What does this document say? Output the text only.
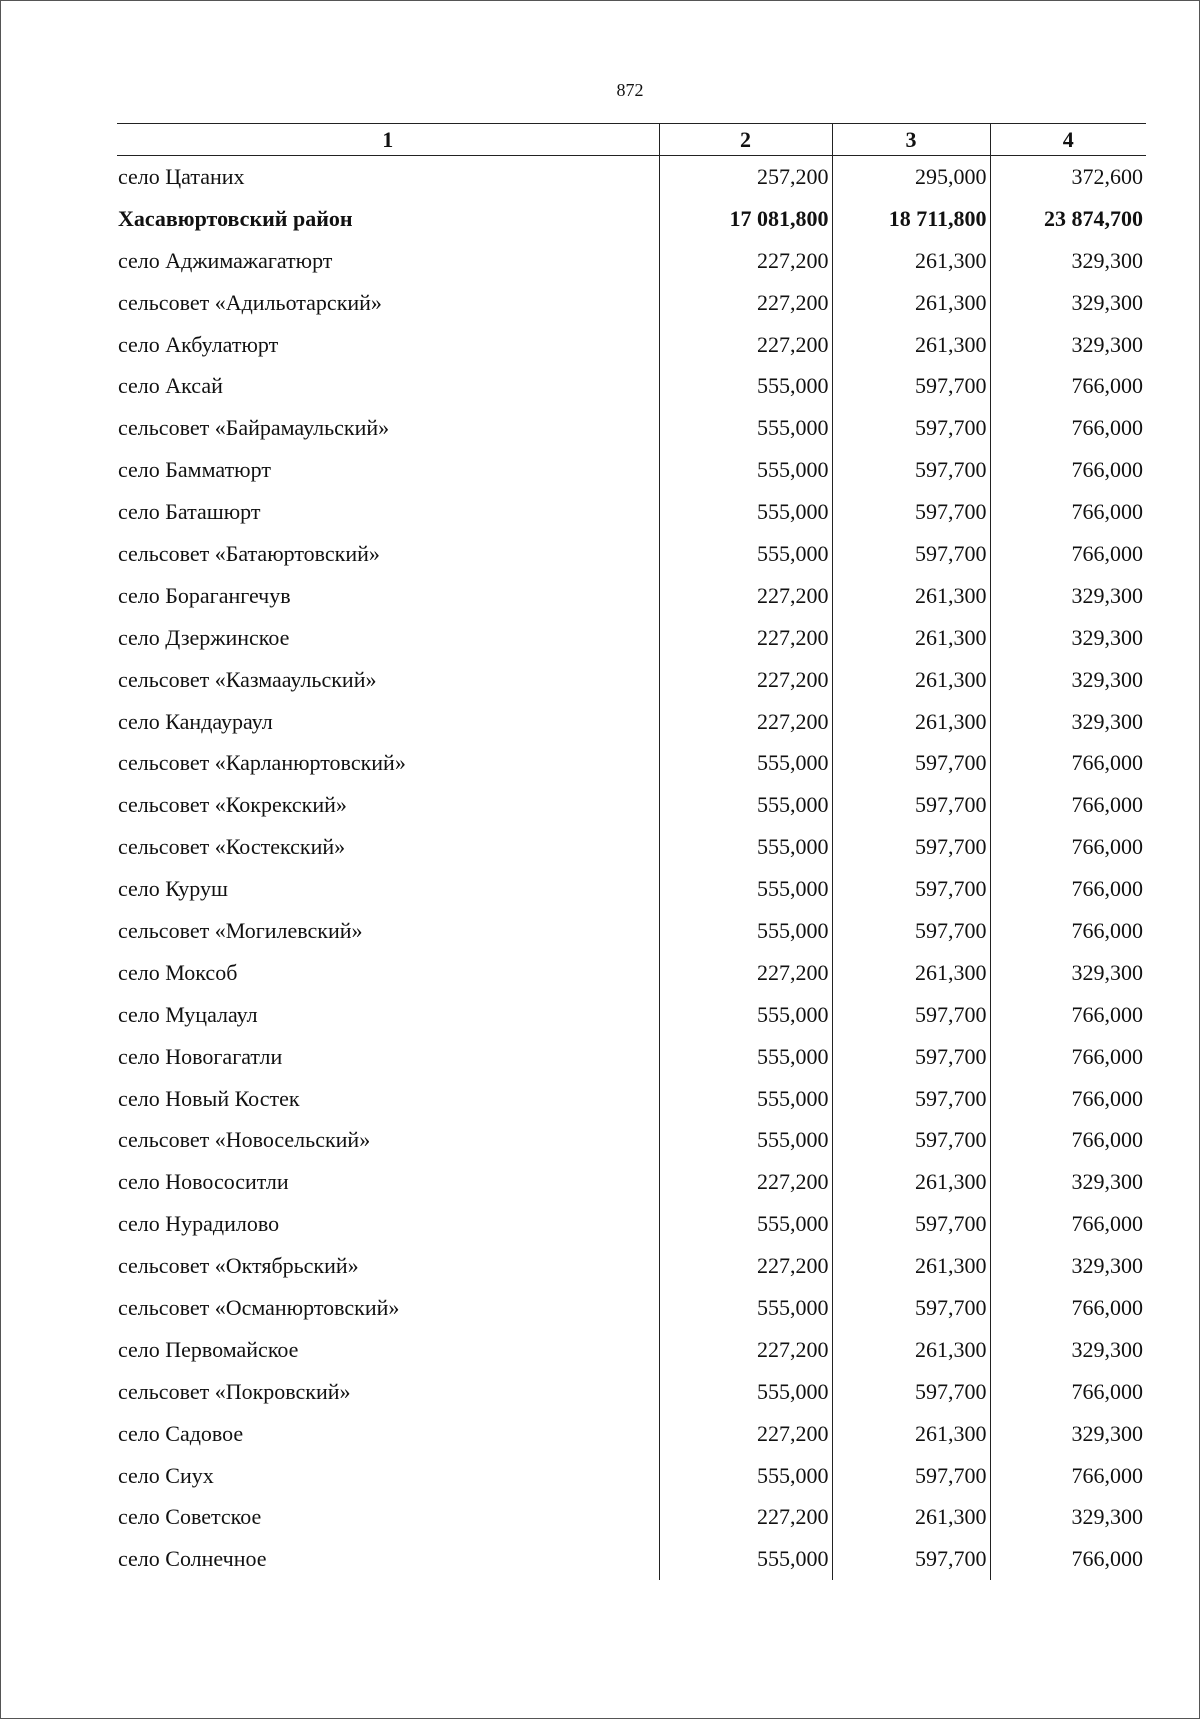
872
1	2	3	4
село Цатаних	257,200	295,000	372,600
Хасавюртовский район	17 081,800	18 711,800	23 874,700
село Аджимажагатюрт	227,200	261,300	329,300
сельсовет «Адильотарский»	227,200	261,300	329,300
село Акбулатюрт	227,200	261,300	329,300
село Аксай	555,000	597,700	766,000
сельсовет «Байрамаульский»	555,000	597,700	766,000
село Бамматюрт	555,000	597,700	766,000
село Баташюрт	555,000	597,700	766,000
сельсовет «Батаюртовский»	555,000	597,700	766,000
село Борагангечув	227,200	261,300	329,300
село Дзержинское	227,200	261,300	329,300
сельсовет «Казмааульский»	227,200	261,300	329,300
село Кандаураул	227,200	261,300	329,300
сельсовет «Карланюртовский»	555,000	597,700	766,000
сельсовет «Кокрекский»	555,000	597,700	766,000
сельсовет «Костекский»	555,000	597,700	766,000
село Куруш	555,000	597,700	766,000
сельсовет «Могилевский»	555,000	597,700	766,000
село Моксоб	227,200	261,300	329,300
село Муцалаул	555,000	597,700	766,000
село Новогагатли	555,000	597,700	766,000
село Новый Костек	555,000	597,700	766,000
сельсовет «Новосельский»	555,000	597,700	766,000
село Новососитли	227,200	261,300	329,300
село Нурадилово	555,000	597,700	766,000
сельсовет «Октябрьский»	227,200	261,300	329,300
сельсовет «Османюртовский»	555,000	597,700	766,000
село Первомайское	227,200	261,300	329,300
сельсовет «Покровский»	555,000	597,700	766,000
село Садовое	227,200	261,300	329,300
село Сиух	555,000	597,700	766,000
село Советское	227,200	261,300	329,300
село Солнечное	555,000	597,700	766,000
